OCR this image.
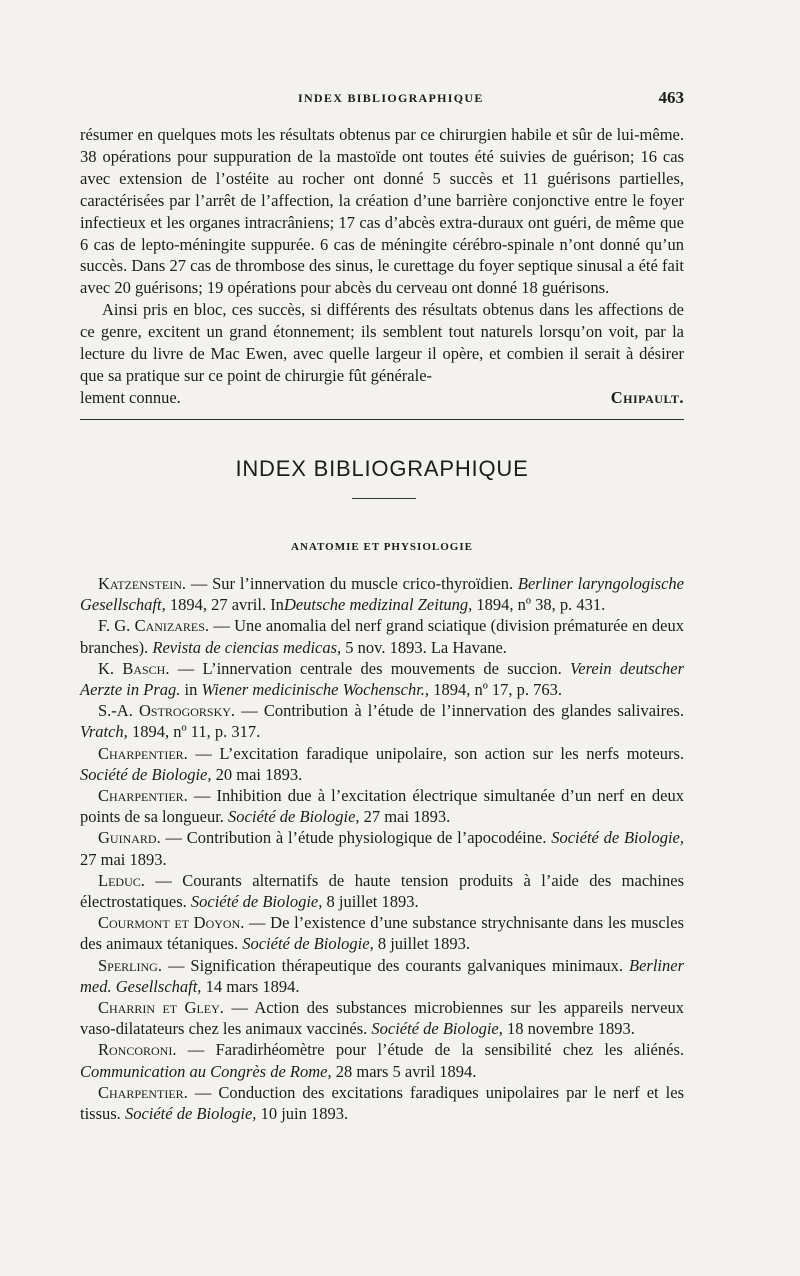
INDEX BIBLIOGRAPHIQUE	463

résumer en quelques mots les résultats obtenus par ce chirurgien habile et sûr de lui-même. 38 opérations pour suppuration de la mastoïde ont toutes été suivies de guérison; 16 cas avec extension de l’ostéite au rocher ont donné 5 succès et 11 guérisons partielles, caractérisées par l’arrêt de l’affection, la création d’une barrière conjonctive entre le foyer infectieux et les organes intracrâniens; 17 cas d’abcès extra-duraux ont guéri, de même que 6 cas de lepto-méningite suppurée. 6 cas de méningite cérébro-spinale n’ont donné qu’un succès. Dans 27 cas de thrombose des sinus, le curettage du foyer septique sinusal a été fait avec 20 guérisons; 19 opérations pour abcès du cerveau ont donné 18 guérisons.

Ainsi pris en bloc, ces succès, si différents des résultats obtenus dans les affections de ce genre, excitent un grand étonnement; ils semblent tout naturels lorsqu’on voit, par la lecture du livre de Mac Ewen, avec quelle largeur il opère, et combien il serait à désirer que sa pratique sur ce point de chirurgie fût générale-

lement connue.	Chipault.
INDEX BIBLIOGRAPHIQUE
ANATOMIE ET PHYSIOLOGIE

Katzenstein. — Sur l’innervation du muscle crico-thyroïdien. Berliner laryngologische Gesellschaft, 1894, 27 avril. InDeutsche medizinal Zeitung, 1894, nº 38, p. 431.

F. G. Canizares. — Une anomalia del nerf grand sciatique (division prématurée en deux branches). Revista de ciencias medicas, 5 nov. 1893. La Havane.

K. Basch. — L’innervation centrale des mouvements de succion. Verein deutscher Aerzte in Prag. in Wiener medicinische Wochenschr., 1894, nº 17, p. 763.

S.-A. Ostrogorsky. — Contribution à l’étude de l’innervation des glandes salivaires. Vratch, 1894, nº 11, p. 317.

Charpentier. — L’excitation faradique unipolaire, son action sur les nerfs moteurs. Société de Biologie, 20 mai 1893.

Charpentier. — Inhibition due à l’excitation électrique simultanée d’un nerf en deux points de sa longueur. Société de Biologie, 27 mai 1893.

Guinard. — Contribution à l’étude physiologique de l’apocodéine. Société de Biologie, 27 mai 1893.

Leduc. — Courants alternatifs de haute tension produits à l’aide des machines électrostatiques. Société de Biologie, 8 juillet 1893.

Courmont et Doyon. — De l’existence d’une substance strychnisante dans les muscles des animaux tétaniques. Société de Biologie, 8 juillet 1893.

Sperling. — Signification thérapeutique des courants galvaniques minimaux. Berliner med. Gesellschaft, 14 mars 1894.

Charrin et Gley. — Action des substances microbiennes sur les appareils nerveux vaso-dilatateurs chez les animaux vaccinés. Société de Biologie, 18 novembre 1893.

Roncoroni. — Faradirhéomètre pour l’étude de la sensibilité chez les aliénés. Communication au Congrès de Rome, 28 mars 5 avril 1894.

Charpentier. — Conduction des excitations faradiques unipolaires par le nerf et les tissus. Société de Biologie, 10 juin 1893.
